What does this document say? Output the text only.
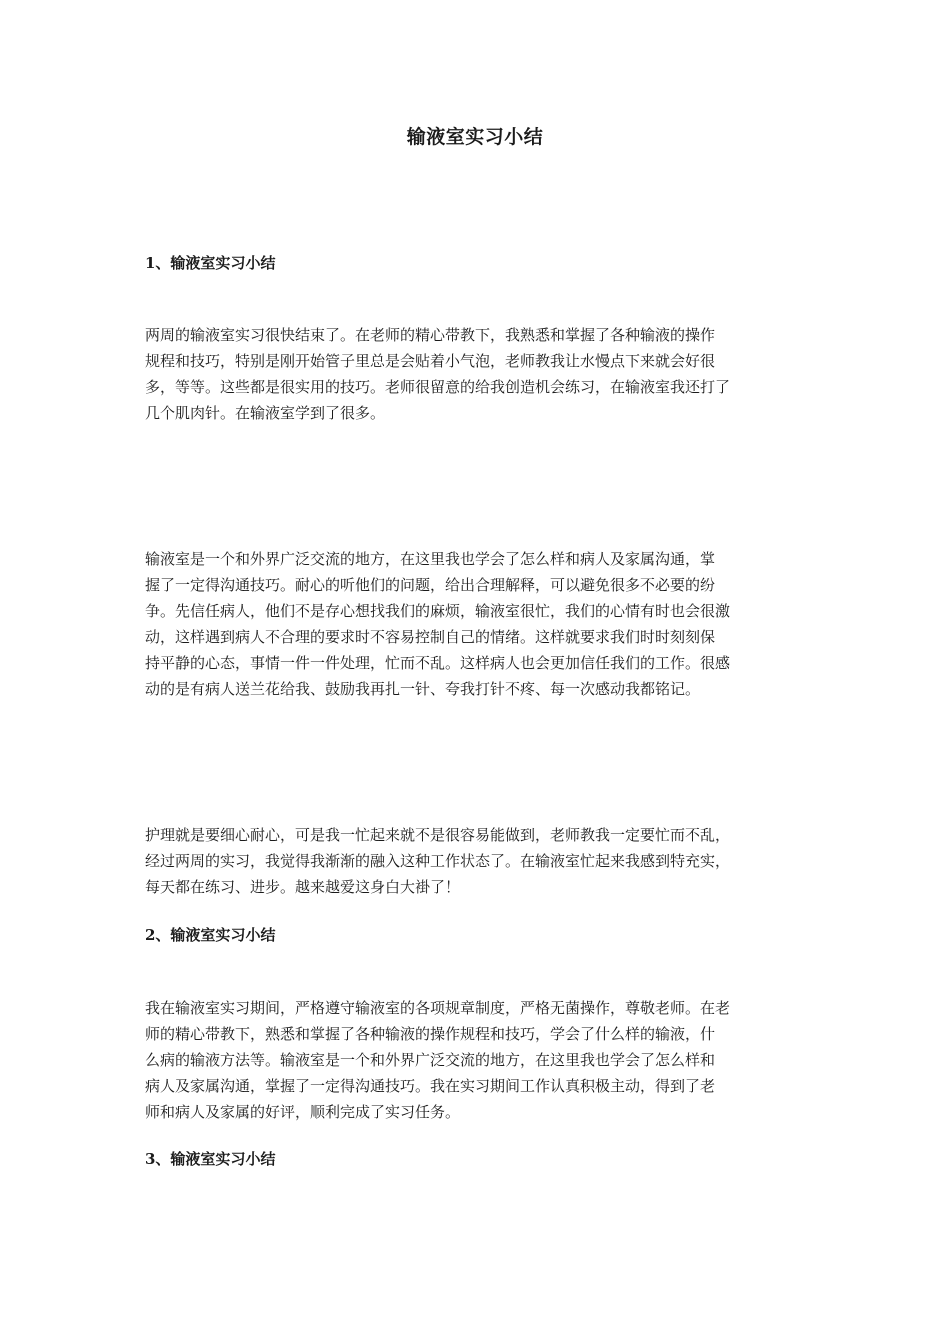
输液室实习小结
1、输液室实习小结
两周的输液室实习很快结束了。在老师的精心带教下，我熟悉和掌握了各种输液的操作
规程和技巧，特别是刚开始管子里总是会贴着小气泡，老师教我让水慢点下来就会好很
多，等等。这些都是很实用的技巧。老师很留意的给我创造机会练习，在输液室我还打了
几个肌肉针。在输液室学到了很多。
输液室是一个和外界广泛交流的地方，在这里我也学会了怎么样和病人及家属沟通，掌
握了一定得沟通技巧。耐心的听他们的问题，给出合理解释，可以避免很多不必要的纷
争。先信任病人，他们不是存心想找我们的麻烦，输液室很忙，我们的心情有时也会很激
动，这样遇到病人不合理的要求时不容易控制自己的情绪。这样就要求我们时时刻刻保
持平静的心态，事情一件一件处理，忙而不乱。这样病人也会更加信任我们的工作。很感
动的是有病人送兰花给我、鼓励我再扎一针、夸我打针不疼、每一次感动我都铭记。
护理就是要细心耐心，可是我一忙起来就不是很容易能做到，老师教我一定要忙而不乱，
经过两周的实习，我觉得我渐渐的融入这种工作状态了。在输液室忙起来我感到特充实，
每天都在练习、进步。越来越爱这身白大褂了！
2、输液室实习小结
我在输液室实习期间，严格遵守输液室的各项规章制度，严格无菌操作，尊敬老师。在老
师的精心带教下，熟悉和掌握了各种输液的操作规程和技巧，学会了什么样的输液，什
么病的输液方法等。输液室是一个和外界广泛交流的地方，在这里我也学会了怎么样和
病人及家属沟通，掌握了一定得沟通技巧。我在实习期间工作认真积极主动，得到了老
师和病人及家属的好评，顺利完成了实习任务。
3、输液室实习小结
